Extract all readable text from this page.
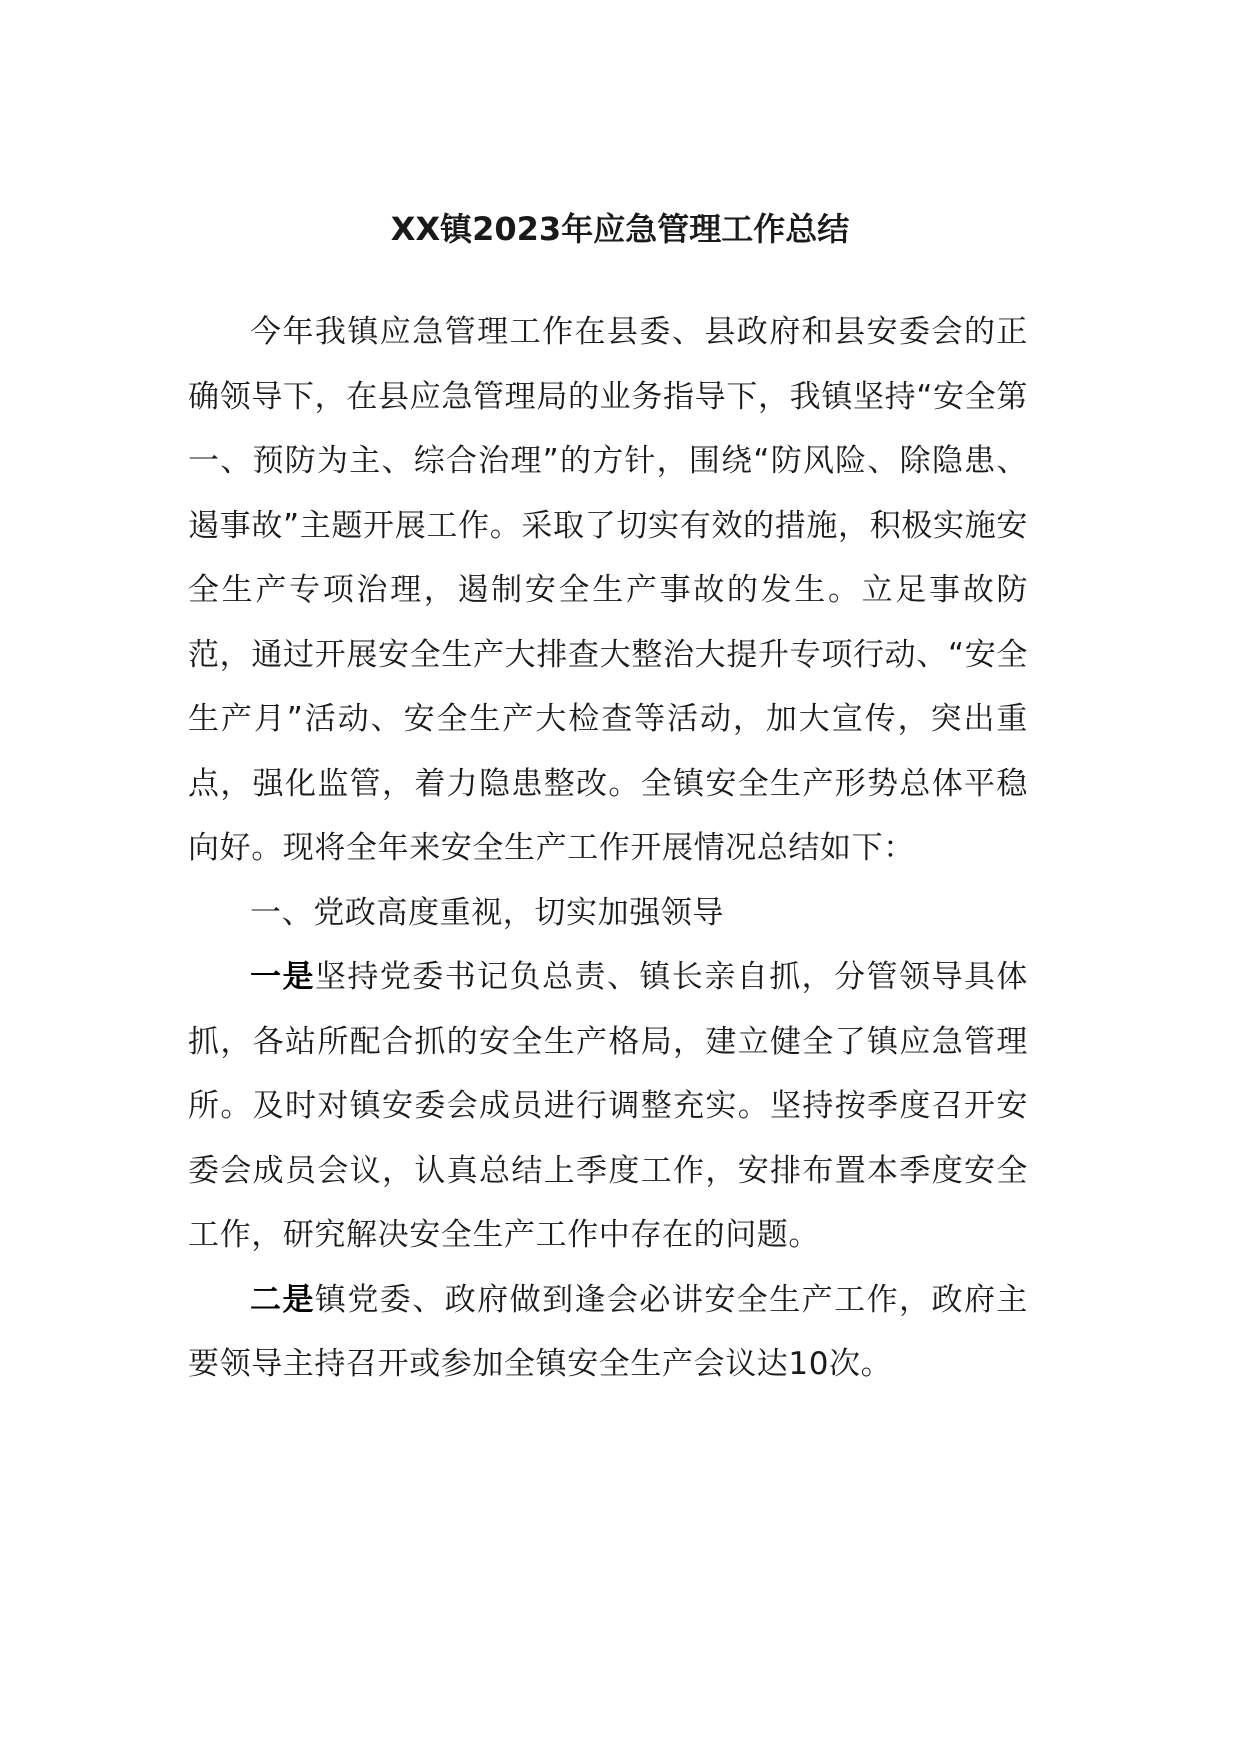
XX镇2023年应急管理工作总结

今年我镇应急管理工作在县委、县政府和县安委会的正确领导下，在县应急管理局的业务指导下，我镇坚持“安全第一、预防为主、综合治理”的方针，围绕“防风险、除隐患、遏事故”主题开展工作。采取了切实有效的措施，积极实施安全生产专项治理，遏制安全生产事故的发生。立足事故防范，通过开展安全生产大排查大整治大提升专项行动、“安全生产月”活动、安全生产大检查等活动，加大宣传，突出重点，强化监管，着力隐患整改。全镇安全生产形势总体平稳向好。现将全年来安全生产工作开展情况总结如下：

一、党政高度重视，切实加强领导

一是坚持党委书记负总责、镇长亲自抓，分管领导具体抓，各站所配合抓的安全生产格局，建立健全了镇应急管理所。及时对镇安委会成员进行调整充实。坚持按季度召开安委会成员会议，认真总结上季度工作，安排布置本季度安全工作，研究解决安全生产工作中存在的问题。

二是镇党委、政府做到逢会必讲安全生产工作，政府主要领导主持召开或参加全镇安全生产会议达10次。
